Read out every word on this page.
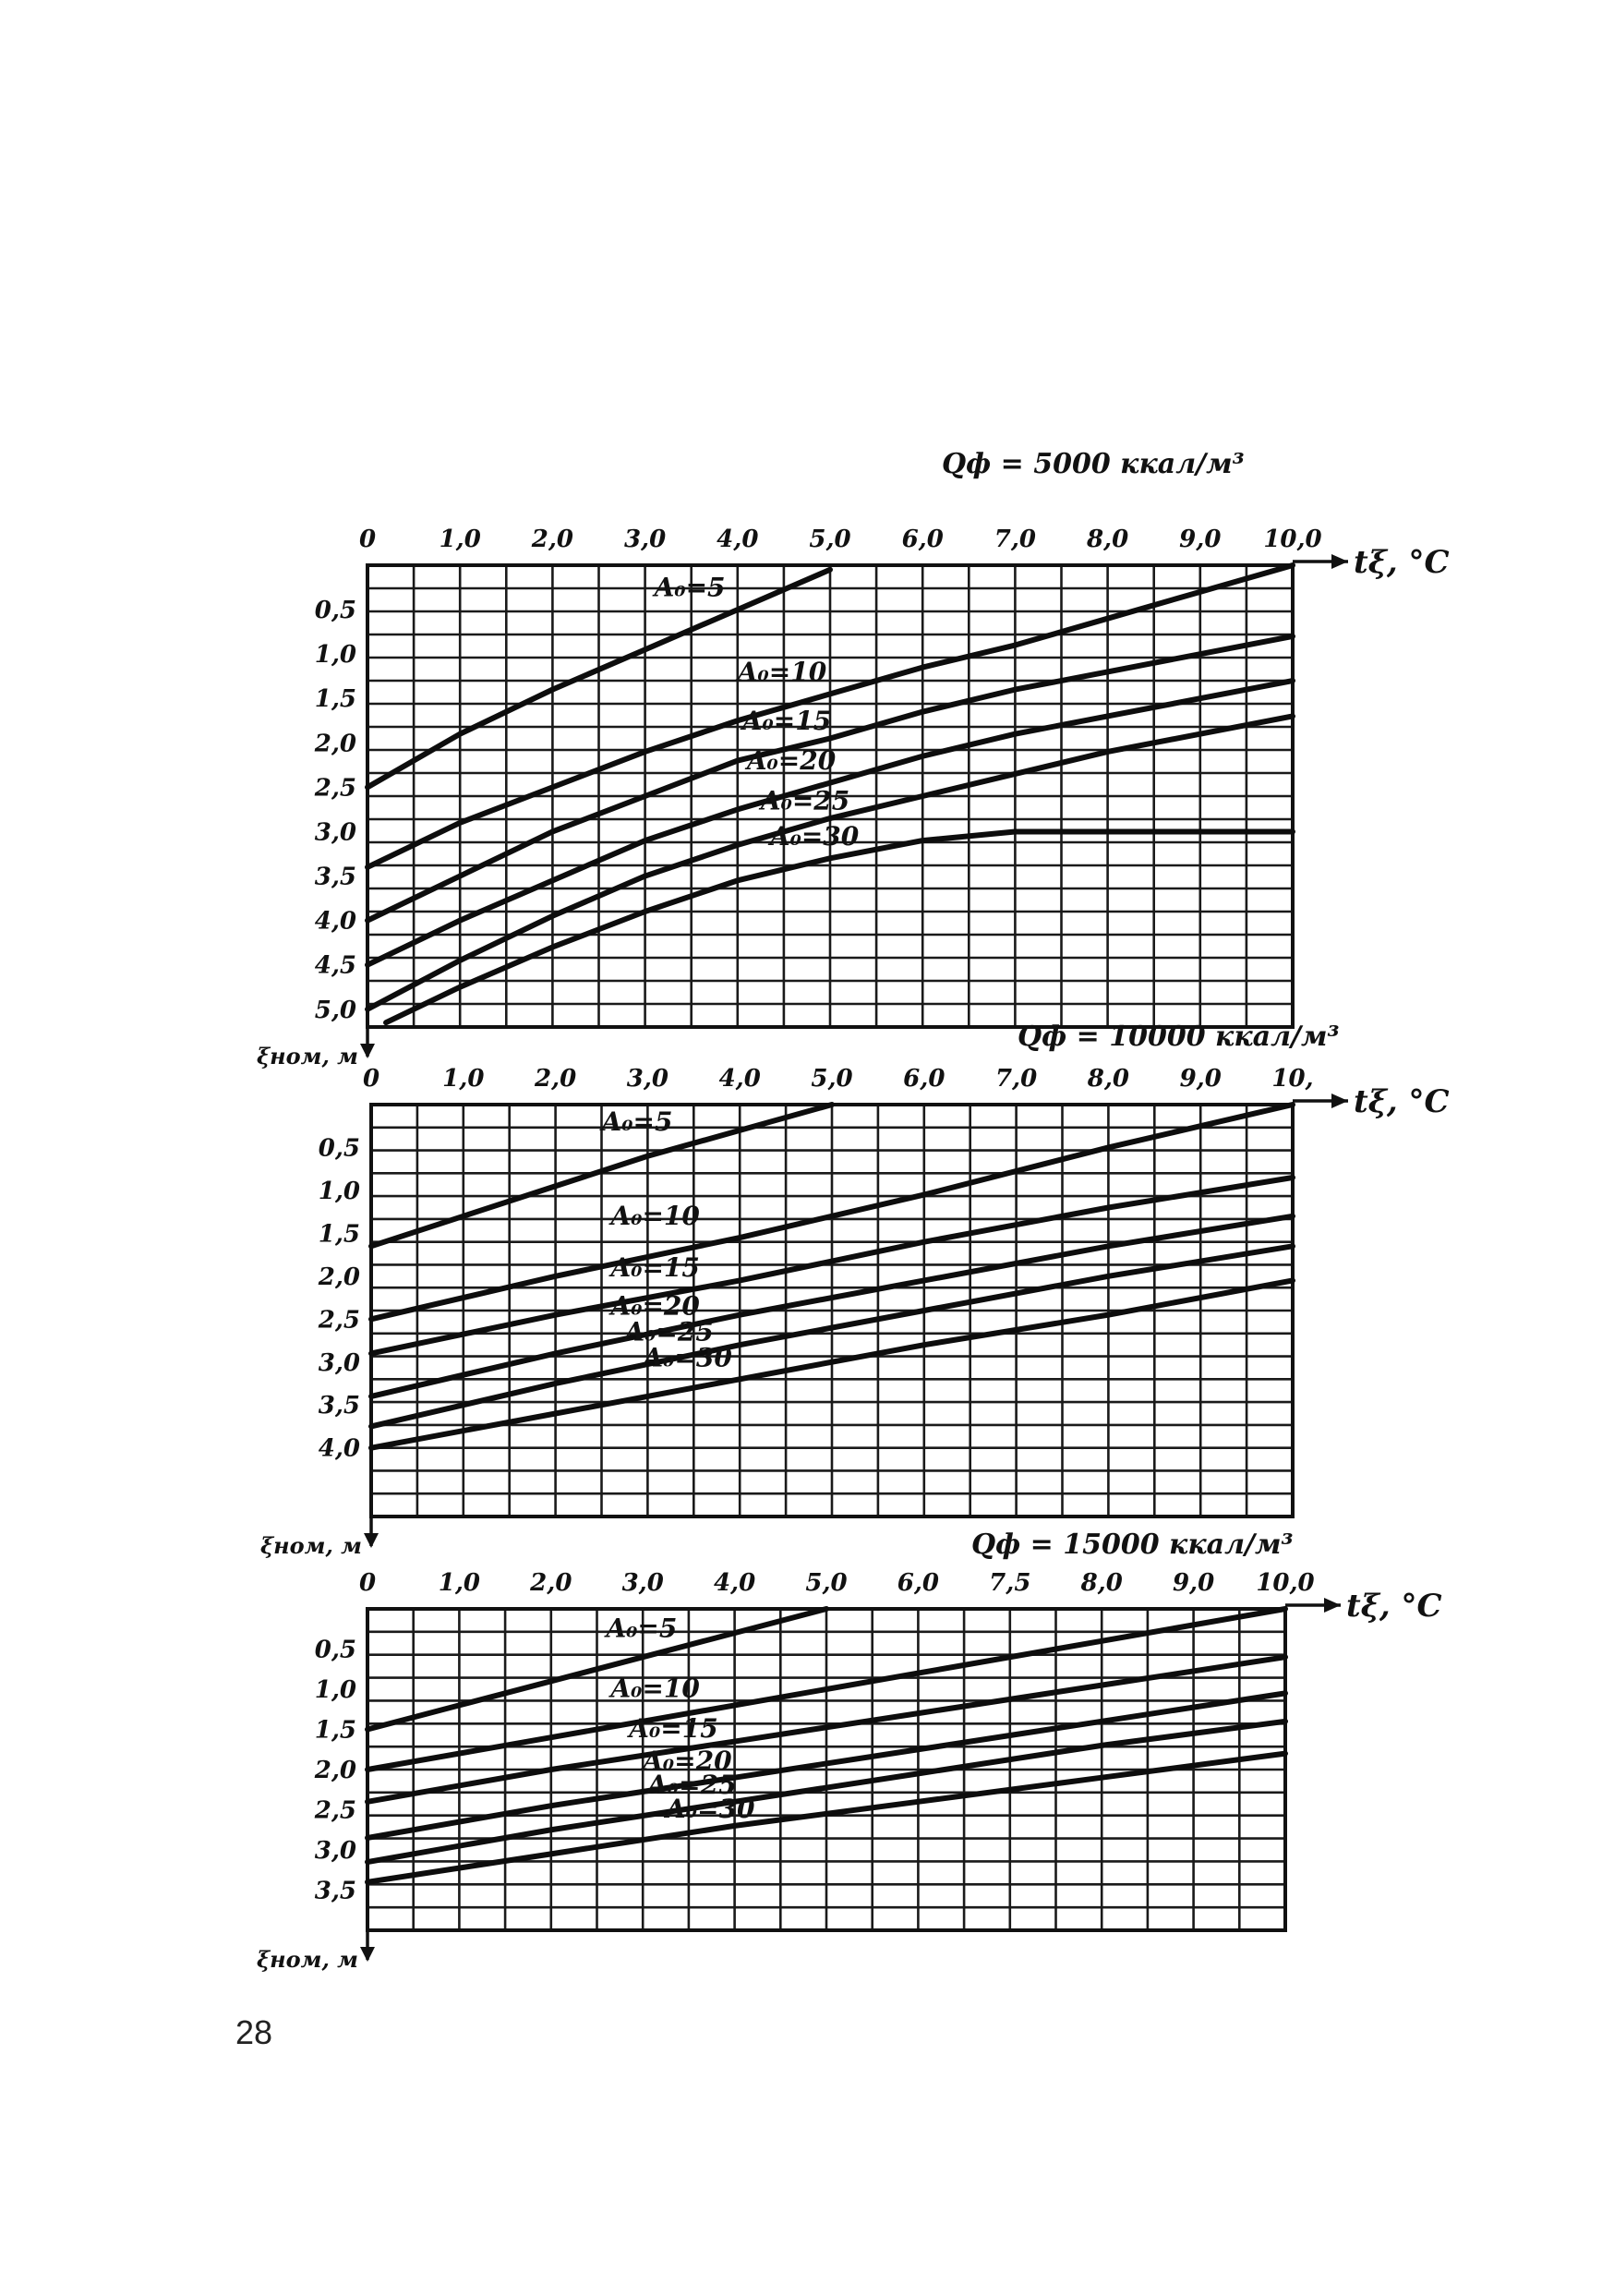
Qф = 5000 ккал/м³
0	1,0 2,0 3,0 4,0 5,0 6,0 7,0 8,0 9,0 10,0
0,5
1,0
1,5
2,0
2,5
3,0
3,5
4,0
4,5
5,0
tξ, °C
ξном, м
A₀=5
A₀=10
A₀=15
A₀=20
A₀=25
A₀=30
Qф = 10000 ккал/м³
0	1,0 2,0 3,0 4,0 5,0 6,0 7,0 8,0 9,0 10,
0,5
1,0
1,5
2,0
2,5
3,0
3,5
4,0
tξ, °C
ξном, м
A₀=5
A₀=10
A₀=15
A₀=20
A₀=25
A₀=30
Qф = 15000 ккал/м³
0	1,0 2,0 3,0 4,0 5,0 6,0 7,5 8,0 9,0 10,0
0,5
1,0
1,5
2,0
2,5
3,0
3,5
tξ, °C
ξном, м
A₀=5
A₀=10
A₀=15
A₀=20
A₀=25
A₀=30
28
